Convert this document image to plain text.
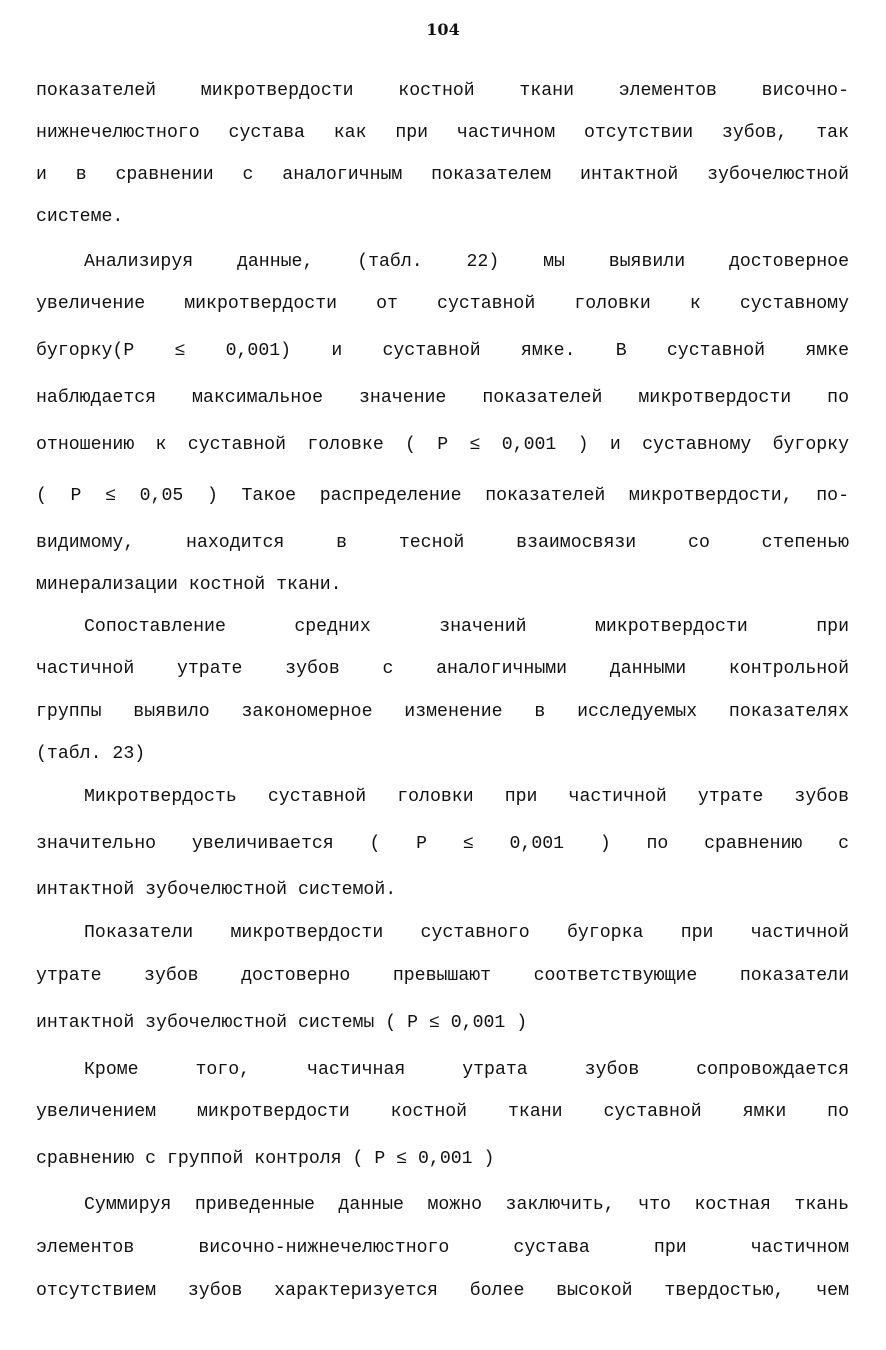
104
показателей микротвердости костной ткани элементов височно-
нижнечелюстного сустава как при частичном отсутствии зубов, так
и в сравнении с аналогичным показателем интактной зубочелюстной
системе.
Анализируя данные, (табл. 22) мы выявили достоверное
увеличение микротвердости от суставной головки к суставному
бугорку(Р ≤ 0,001) и суставной ямке. В суставной ямке
наблюдается максимальное значение показателей микротвердости по
отношению к суставной головке ( Р ≤ 0,001 ) и суставному бугорку
( Р ≤ 0,05 ) Такое распределение показателей микротвердости, по-
видимому, находится в тесной взаимосвязи со степенью
минерализации костной ткани.
Сопоставление средних значений микротвердости при
частичной утрате зубов с аналогичными данными контрольной
группы выявило закономерное изменение в исследуемых показателях
(табл. 23)
Микротвердость суставной головки при частичной утрате зубов
значительно увеличивается ( Р ≤ 0,001 ) по сравнению с
интактной зубочелюстной системой.
Показатели микротвердости суставного бугорка при частичной
утрате зубов достоверно превышают соответствующие показатели
интактной зубочелюстной системы ( Р ≤ 0,001 )
Кроме того, частичная утрата зубов сопровождается
увеличением микротвердости костной ткани суставной ямки по
сравнению с группой контроля ( Р ≤ 0,001 )
Суммируя приведенные данные можно заключить, что костная ткань
элементов височно-нижнечелюстного сустава при частичном
отсутствием зубов характеризуется более высокой твердостью, чем
